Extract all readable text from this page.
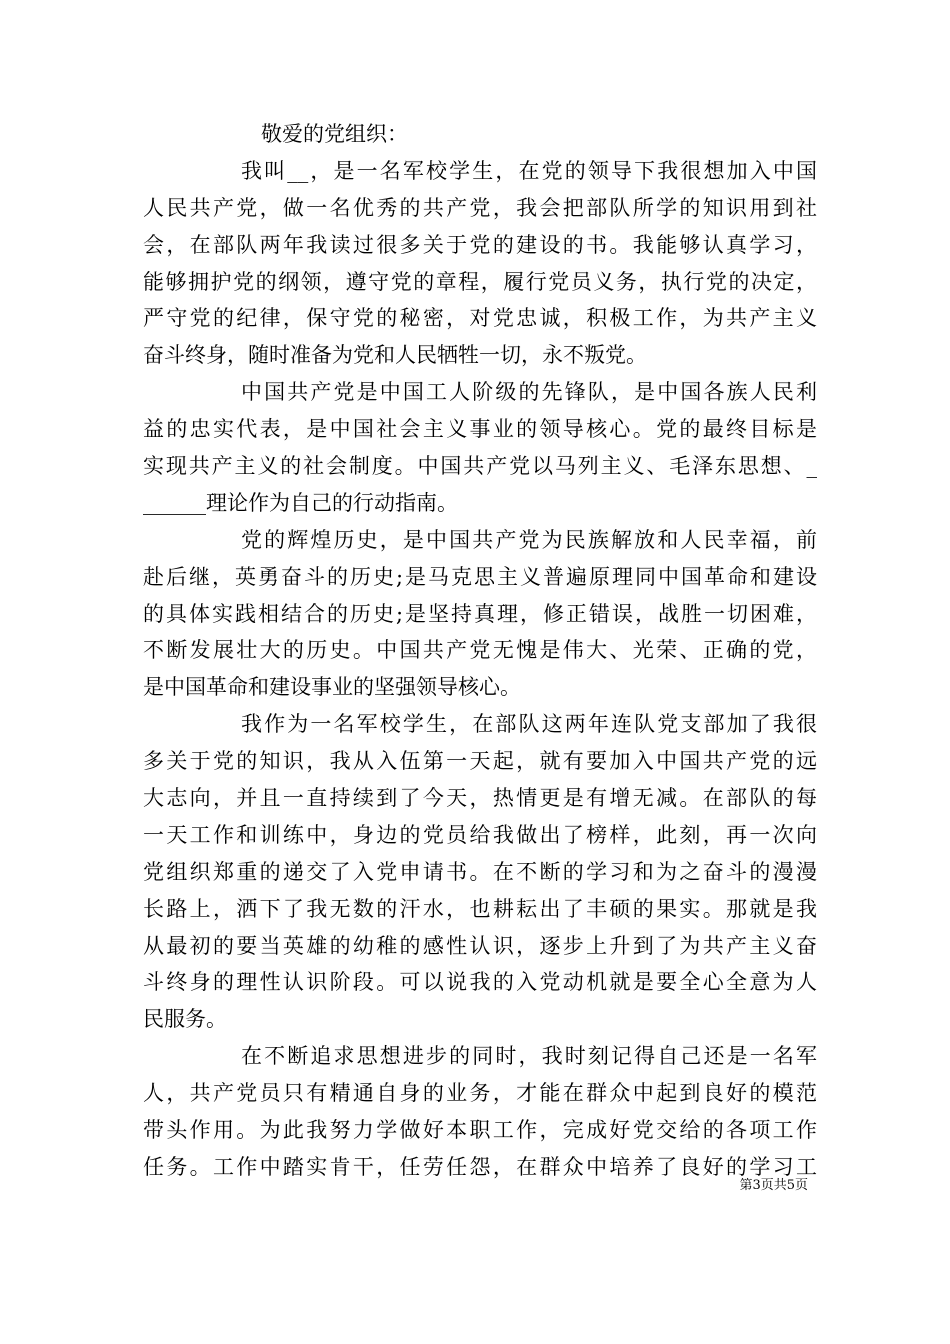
敬爱的党组织：
我叫__，是一名军校学生，在党的领导下我很想加入中国
人民共产党，做一名优秀的共产党，我会把部队所学的知识用到社
会，在部队两年我读过很多关于党的建设的书。我能够认真学习，
能够拥护党的纲领，遵守党的章程，履行党员义务，执行党的决定，
严守党的纪律，保守党的秘密，对党忠诚，积极工作，为共产主义
奋斗终身，随时准备为党和人民牺牲一切，永不叛党。
中国共产党是中国工人阶级的先锋队，是中国各族人民利
益的忠实代表，是中国社会主义事业的领导核心。党的最终目标是
实现共产主义的社会制度。中国共产党以马列主义、毛泽东思想、_
______理论作为自己的行动指南。
党的辉煌历史，是中国共产党为民族解放和人民幸福，前
赴后继，英勇奋斗的历史;是马克思主义普遍原理同中国革命和建设
的具体实践相结合的历史;是坚持真理，修正错误，战胜一切困难，
不断发展壮大的历史。中国共产党无愧是伟大、光荣、正确的党，
是中国革命和建设事业的坚强领导核心。
我作为一名军校学生，在部队这两年连队党支部加了我很
多关于党的知识，我从入伍第一天起，就有要加入中国共产党的远
大志向，并且一直持续到了今天，热情更是有增无减。在部队的每
一天工作和训练中，身边的党员给我做出了榜样，此刻，再一次向
党组织郑重的递交了入党申请书。在不断的学习和为之奋斗的漫漫
长路上，洒下了我无数的汗水，也耕耘出了丰硕的果实。那就是我
从最初的要当英雄的幼稚的感性认识，逐步上升到了为共产主义奋
斗终身的理性认识阶段。可以说我的入党动机就是要全心全意为人
民服务。
在不断追求思想进步的同时，我时刻记得自己还是一名军
人，共产党员只有精通自身的业务，才能在群众中起到良好的模范
带头作用。为此我努力学做好本职工作，完成好党交给的各项工作
任务。工作中踏实肯干，任劳任怨，在群众中培养了良好的学习工
第3页共5页
